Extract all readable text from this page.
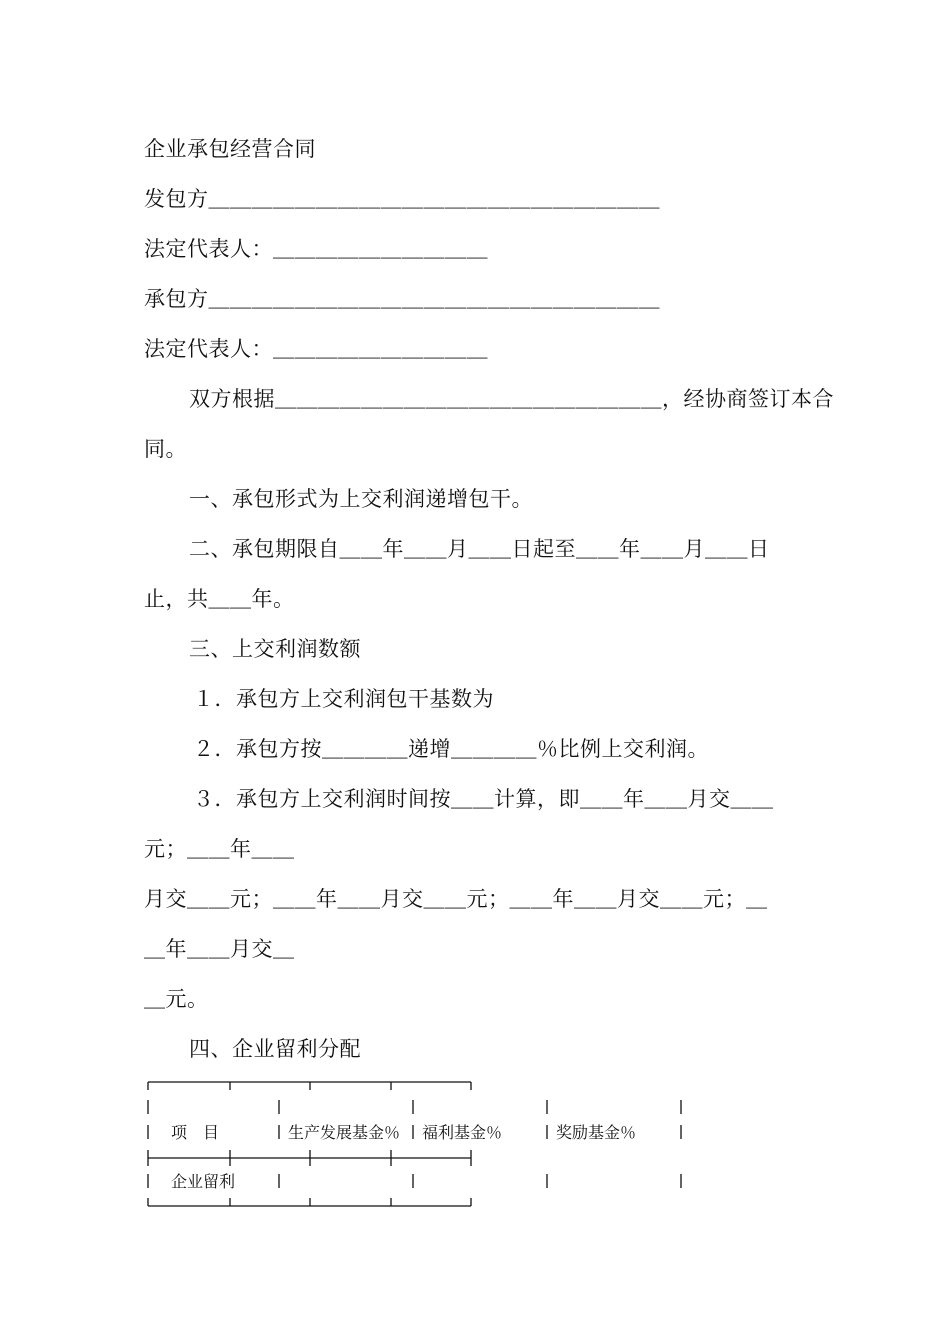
企业承包经营合同
发包方＿＿＿＿＿＿＿＿＿＿＿＿＿＿＿＿＿＿＿＿＿
法定代表人：＿＿＿＿＿＿＿＿＿＿
承包方＿＿＿＿＿＿＿＿＿＿＿＿＿＿＿＿＿＿＿＿＿
法定代表人：＿＿＿＿＿＿＿＿＿＿
双方根据＿＿＿＿＿＿＿＿＿＿＿＿＿＿＿＿＿＿，经协商签订本合
同。
一、承包形式为上交利润递增包干。
二、承包期限自＿＿年＿＿月＿＿日起至＿＿年＿＿月＿＿日
止，共＿＿年。
三、上交利润数额
１．承包方上交利润包干基数为
２．承包方按＿＿＿＿递增＿＿＿＿％比例上交利润。
３．承包方上交利润时间按＿＿计算，即＿＿年＿＿月交＿＿
元；＿＿年＿＿
月交＿＿元；＿＿年＿＿月交＿＿元；＿＿年＿＿月交＿＿元；＿
＿年＿＿月交＿
＿元。
四、企业留利分配
项　目	生产发展基金％ 福利基金％	奖励基金％
企业留利
